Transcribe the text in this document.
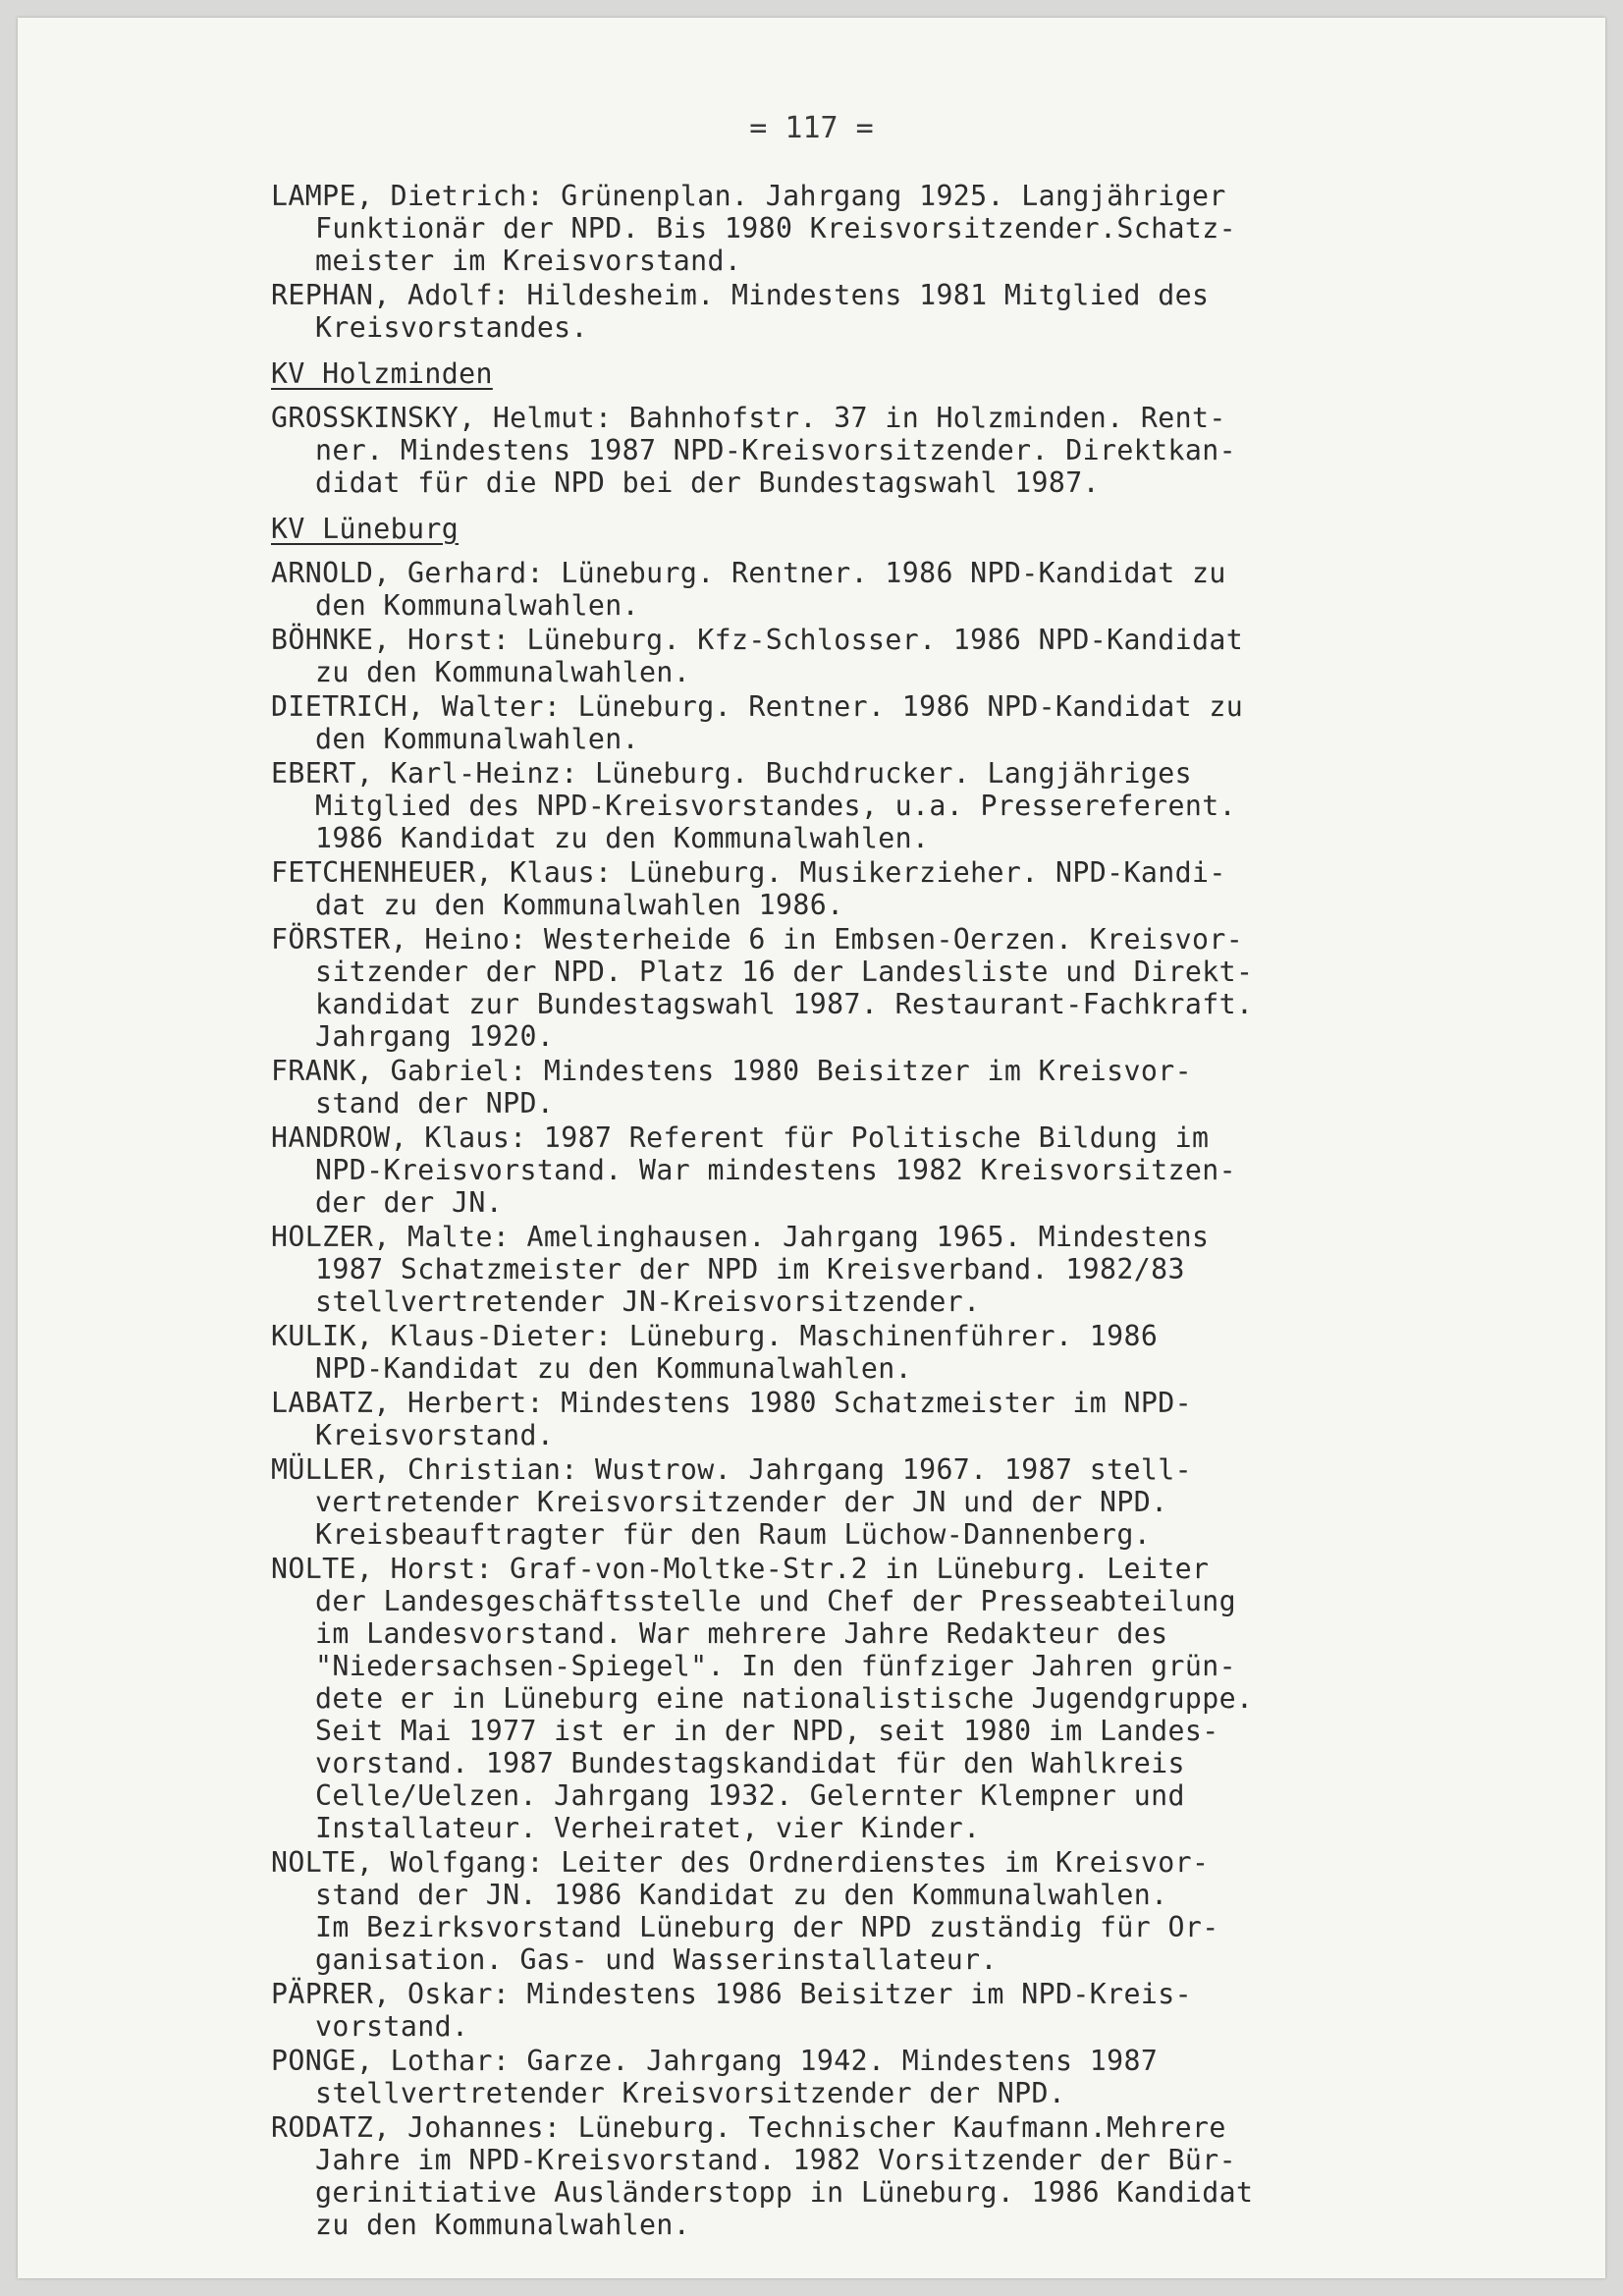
= 117 =
LAMPE, Dietrich: Grünenplan. Jahrgang 1925. Langjähriger
Funktionär der NPD. Bis 1980 Kreisvorsitzender.Schatz-
meister im Kreisvorstand.
REPHAN, Adolf: Hildesheim. Mindestens 1981 Mitglied des
Kreisvorstandes.
KV Holzminden
GROSSKINSKY, Helmut: Bahnhofstr. 37 in Holzminden. Rent-
ner. Mindestens 1987 NPD-Kreisvorsitzender. Direktkan-
didat für die NPD bei der Bundestagswahl 1987.
KV Lüneburg
ARNOLD, Gerhard: Lüneburg. Rentner. 1986 NPD-Kandidat zu
den Kommunalwahlen.
BÖHNKE, Horst: Lüneburg. Kfz-Schlosser. 1986 NPD-Kandidat
zu den Kommunalwahlen.
DIETRICH, Walter: Lüneburg. Rentner. 1986 NPD-Kandidat zu
den Kommunalwahlen.
EBERT, Karl-Heinz: Lüneburg. Buchdrucker. Langjähriges
Mitglied des NPD-Kreisvorstandes, u.a. Pressereferent.
1986 Kandidat zu den Kommunalwahlen.
FETCHENHEUER, Klaus: Lüneburg. Musikerzieher. NPD-Kandi-
dat zu den Kommunalwahlen 1986.
FÖRSTER, Heino: Westerheide 6 in Embsen-Oerzen. Kreisvor-
sitzender der NPD. Platz 16 der Landesliste und Direkt-
kandidat zur Bundestagswahl 1987. Restaurant-Fachkraft.
Jahrgang 1920.
FRANK, Gabriel: Mindestens 1980 Beisitzer im Kreisvor-
stand der NPD.
HANDROW, Klaus: 1987 Referent für Politische Bildung im
NPD-Kreisvorstand. War mindestens 1982 Kreisvorsitzen-
der der JN.
HOLZER, Malte: Amelinghausen. Jahrgang 1965. Mindestens
1987 Schatzmeister der NPD im Kreisverband. 1982/83
stellvertretender JN-Kreisvorsitzender.
KULIK, Klaus-Dieter: Lüneburg. Maschinenführer. 1986
NPD-Kandidat zu den Kommunalwahlen.
LABATZ, Herbert: Mindestens 1980 Schatzmeister im NPD-
Kreisvorstand.
MÜLLER, Christian: Wustrow. Jahrgang 1967. 1987 stell-
vertretender Kreisvorsitzender der JN und der NPD.
Kreisbeauftragter für den Raum Lüchow-Dannenberg.
NOLTE, Horst: Graf-von-Moltke-Str.2 in Lüneburg. Leiter
der Landesgeschäftsstelle und Chef der Presseabteilung
im Landesvorstand. War mehrere Jahre Redakteur des
"Niedersachsen-Spiegel". In den fünfziger Jahren grün-
dete er in Lüneburg eine nationalistische Jugendgruppe.
Seit Mai 1977 ist er in der NPD, seit 1980 im Landes-
vorstand. 1987 Bundestagskandidat für den Wahlkreis
Celle/Uelzen. Jahrgang 1932. Gelernter Klempner und
Installateur. Verheiratet, vier Kinder.
NOLTE, Wolfgang: Leiter des Ordnerdienstes im Kreisvor-
stand der JN. 1986 Kandidat zu den Kommunalwahlen.
Im Bezirksvorstand Lüneburg der NPD zuständig für Or-
ganisation. Gas- und Wasserinstallateur.
PÄPRER, Oskar: Mindestens 1986 Beisitzer im NPD-Kreis-
vorstand.
PONGE, Lothar: Garze. Jahrgang 1942. Mindestens 1987
stellvertretender Kreisvorsitzender der NPD.
RODATZ, Johannes: Lüneburg. Technischer Kaufmann.Mehrere
Jahre im NPD-Kreisvorstand. 1982 Vorsitzender der Bür-
gerinitiative Ausländerstopp in Lüneburg. 1986 Kandidat
zu den Kommunalwahlen.
